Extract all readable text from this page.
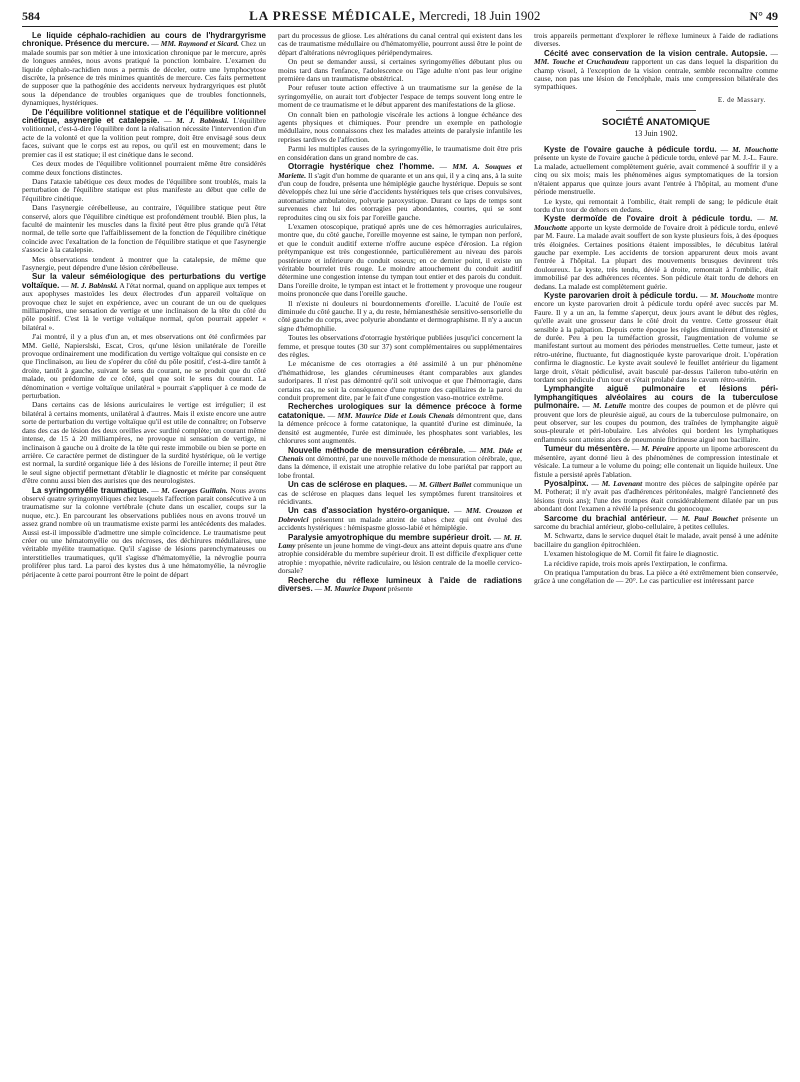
584	LA PRESSE MÉDICALE, Mercredi, 18 Juin 1902	N° 49

Le liquide céphalo-rachidien au cours de l'hydrargyrisme chronique. Présence du mercure. — MM. Raymond et Sicard. Chez un malade soumis par son métier à une intoxication chronique par le mercure, après de longues années, nous avons pratiqué la ponction lombaire. L'examen du liquide céphalo-rachidien nous a permis de déceler, outre une lymphocytose discrète, la présence de très minimes quantités de mercure. Ces faits permettent de supposer que la pathogénie des accidents nerveux hydrargyriques est plutôt sous la dépendance de troubles organiques que de troubles fonctionnels, dynamiques, hystériques.

De l'équilibre volitionnel statique et de l'équilibre volitionnel cinétique, asynergie et catalepsie. — M. J. Babinski. L'équilibre volitionnel, c'est-à-dire l'équilibre dont la réalisation nécessite l'intervention d'un acte de la volonté et que la volition peut rompre, doit être envisagé sous deux faces, suivant que le corps est au repos, ou qu'il est en mouvement; dans le premier cas il est statique; il est cinétique dans le second.

Ces deux modes de l'équilibre volitionnel pourraient même être considérés comme deux fonctions distinctes.

Dans l'ataxie tabétique ces deux modes de l'équilibre sont troublés, mais la perturbation de l'équilibre statique est plus manifeste au début que celle de l'équilibre cinétique.

Dans l'asynergie cérébelleuse, au contraire, l'équilibre statique peut être conservé, alors que l'équilibre cinétique est profondément troublé. Bien plus, la faculté de maintenir les muscles dans la fixité peut être plus grande qu'à l'état normal, de telle sorte que l'affaiblissement de la fonction de l'équilibre cinétique coïncide avec l'exaltation de la fonction de l'équilibre statique et que l'asynergie s'associe à la catalepsie.

Mes observations tendent à montrer que la catalepsie, de même que l'asynergie, peut dépendre d'une lésion cérébelleuse.

Sur la valeur séméiologique des perturbations du vertige voltaïque. — M. J. Babinski. A l'état normal, quand on applique aux tempes et aux apophyses mastoïdes les deux électrodes d'un appareil voltaïque on provoque chez le sujet en expérience, avec un courant de un ou de quelques milliampères, une sensation de vertige et une inclinaison de la tête du côté du pôle positif. C'est là le vertige voltaïque normal, qu'on pourrait appeler « bilatéral ».

J'ai montré, il y a plus d'un an, et mes observations ont été confirmées par MM. Gellé, Napierslski, Escat, Cros, qu'une lésion unilatérale de l'oreille provoque ordinairement une modification du vertige voltaïque qui consiste en ce que l'inclinaison, au lieu de s'opérer du côté du pôle positif, c'est-à-dire tantôt à droite, tantôt à gauche, suivant le sens du courant, ne se produit que du côté malade, ou prédomine de ce côté, quel que soit le sens du courant. La dénomination « vertige voltaïque unilatéral » pourrait s'appliquer à ce mode de perturbation.

Dans certains cas de lésions auriculaires le vertige est irrégulier; il est bilatéral à certains moments, unilatéral à d'autres. Mais il existe encore une autre sorte de perturbation du vertige voltaïque qu'il est utile de connaître; on l'observe dans des cas de lésion des deux oreilles avec surdité complète; un courant même intense, de 15 à 20 milliampères, ne provoque ni sensation de vertige, ni inclinaison à gauche ou à droite de la tête qui reste immobile ou bien se porte en arrière. Ce caractère permet de distinguer de la surdité hystérique, où le vertige est normal, la surdité organique liée à des lésions de l'oreille interne; il peut être le seul signe objectif permettant d'établir le diagnostic et mérite par conséquent d'être connu aussi bien des auristes que des neurologistes.

La syringomyélie traumatique. — M. Georges Guillain. Nous avons observé quatre syringomyéliques chez lesquels l'affection parait consécutive à un traumatisme sur la colonne vertébrale (chute dans un escalier, coups sur la nuque, etc.). En parcourant les observations publiées nous en avons trouvé un assez grand nombre où un traumatisme existe parmi les antécédents des malades. Aussi est-il impossible d'admettre une simple coïncidence. Le traumatisme peut créer ou une hématomyélie ou des nécroses, des déchirures médullaires, une véritable myélite traumatique. Qu'il s'agisse de lésions parenchymateuses ou interstitielles traumatiques, qu'il s'agisse d'hématomyélie, la névroglie pourra proliférer plus tard. La paroi des kystes dus à une hématomyélie, la névroglie périjacente à cette paroi pourront être le point de départ

part du processus de gliose. Les altérations du canal central qui existent dans les cas de traumatisme médullaire ou d'hématomyélie, pourront aussi être le point de départ d'altérations névrogliques périépendymaires.

On peut se demander aussi, si certaines syringomyélies débutant plus ou moins tard dans l'enfance, l'adolescence ou l'âge adulte n'ont pas leur origine première dans un traumatisme obstétrical.

Pour refuser toute action effective à un traumatisme sur la genèse de la syringomyélie, on aurait tort d'objecter l'espace de temps souvent long entre le moment de ce traumatisme et le début apparent des manifestations de la gliose.

On connaît bien en pathologie viscérale les actions à longue échéance des agents physiques et chimiques. Pour prendre un exemple en pathologie médullaire, nous connaissons chez les malades atteints de paralysie infantile les reprises tardives de l'affection.

Parmi les multiples causes de la syringomyélie, le traumatisme doit être pris en considération dans un grand nombre de cas.

Otorragie hystérique chez l'homme. — MM. A. Souques et Mariette. Il s'agit d'un homme de quarante et un ans qui, il y a cinq ans, à la suite d'un coup de foudre, présenta une hémiplégie gauche hystérique. Depuis se sont développés chez lui une série d'accidents hystériques tels que crises convulsives, automatisme ambulatoire, polyurie paroxystique. Durant ce laps de temps sont survenues chez lui des otorragies peu abondantes, courtes, qui se sont reproduites cinq ou six fois par l'oreille gauche.

L'examen otoscopique, pratiqué après une de ces hémorragies auriculaires, montre que, du côté gauche, l'oreille moyenne est saine, le tympan non perforé, et que le conduit auditif externe n'offre aucune espèce d'érosion. La région prétympanique est très congestionnée, particulièrement au niveau des parois postérieure et inférieure du conduit osseux; en ce dernier point, il existe un véritable bourrelet très rouge. Le moindre attouchement du conduit auditif détermine une congestion intense du tympan tout entier et des parois du conduit. Dans l'oreille droite, le tympan est intact et le frottement y provoque une rougeur moins prononcée que dans l'oreille gauche.

Il n'existe ni douleurs ni bourdonnements d'oreille. L'acuité de l'ouïe est diminuée du côté gauche. Il y a, du reste, hémianesthésie sensitivo-sensorielle du côté gauche du corps, avec polyurie abondante et dermographisme. Il n'y a aucun signe d'hémophilie.

Toutes les observations d'otorragie hystérique publiées jusqu'ici concernent la femme, et presque toutes (30 sur 37) sont complémentaires ou supplémentaires des règles.

Le mécanisme de ces otorragies a été assimilé à un pur phénomène d'hémathidrose, les glandes cérumineuses étant comparables aux glandes sudoripares. Il n'est pas démontré qu'il soit univoque et que l'hémorragie, dans certains cas, ne soit la conséquence d'une rupture des capillaires de la paroi du conduit proprement dite, par le fait d'une congestion vaso-motrice extrême.

Recherches urologiques sur la démence précoce à forme catatonique. — MM. Maurice Dide et Louis Chenais démontrent que, dans la démence précoce à forme catatonique, la quantité d'urine est diminuée, la densité est augmentée, l'urée est diminuée, les phosphates sont variables, les chlorures sont augmentés.

Nouvelle méthode de mensuration cérébrale. — MM. Dide et Chenais ont démontré, par une nouvelle méthode de mensuration cérébrale, que, dans la démence, il existait une atrophie relative du lobe pariétal par rapport au lobe frontal.

Un cas de sclérose en plaques. — M. Gilbert Ballet communique un cas de sclérose en plaques dans lequel les symptômes furent transitoires et récidivants.

Un cas d'association hystéro-organique. — MM. Crouzon et Dobrovici présentent un malade atteint de tabes chez qui ont évolué des accidents hystériques : hémispasme glosso-labié et hémiplégie.

Paralysie amyotrophique du membre supérieur droit. — M. H. Lamy présente un jeune homme de vingt-deux ans atteint depuis quatre ans d'une atrophie considérable du membre supérieur droit. Il est difficile d'expliquer cette atrophie : myopathie, névrite radiculaire, ou lésion centrale de la moelle cervico-dorsale?

Recherche du réflexe lumineux à l'aide de radiations diverses. — M. Maurice Dupont présente

trois appareils permettant d'explorer le réflexe lumineux à l'aide de radiations diverses.

Cécité avec conservation de la vision centrale. Autopsie. — MM. Touche et Cruchaudeau rapportent un cas dans lequel la disparition du champ visuel, à l'exception de la vision centrale, semble reconnaître comme cause, non pas une lésion de l'encéphale, mais une compression bilatérale des sympathiques.

E. de Massary.
SOCIÉTÉ ANATOMIQUE
13 Juin 1902.

Kyste de l'ovaire gauche à pédicule tordu. — M. Mouchotte présente un kyste de l'ovaire gauche à pédicule tordu, enlevé par M. J.-L. Faure. La malade, actuellement complètement guérie, avait commencé à souffrir il y a cinq ou six mois; mais les phénomènes aigus symptomatiques de la torsion n'étaient apparus que quinze jours avant l'entrée à l'hôpital, au moment d'une période menstruelle.

Le kyste, qui remontait à l'ombilic, était rempli de sang; le pédicule était tordu d'un tour de dehors en dedans.

Kyste dermoïde de l'ovaire droit à pédicule tordu. — M. Mouchotte apporte un kyste dermoïde de l'ovaire droit à pédicule tordu, enlevé par M. Faure. La malade avait souffert de son kyste plusieurs fois, à des époques très éloignées. Certaines positions étaient impossibles, le décubitus latéral gauche par exemple. Les accidents de torsion apparurent deux mois avant l'entrée à l'hôpital. La plupart des mouvements brusques devinrent très douloureux. Le kyste, très tendu, dévié à droite, remontait à l'ombilic, était immobilisé par des adhérences récentes. Son pédicule était tordu de dehors en dedans. La malade est complètement guérie.

Kyste parovarien droit à pédicule tordu. — M. Mouchotte montre encore un kyste parovarien droit à pédicule tordu opéré avec succès par M. Faure. Il y a un an, la femme s'aperçut, deux jours avant le début des règles, qu'elle avait une grosseur dans le côté droit du ventre. Cette grosseur était sensible à la palpation. Depuis cette époque les règles diminuèrent d'intensité et de durée. Peu à peu la tuméfaction grossit, l'augmentation de volume se manifestant surtout au moment des périodes menstruelles. Cette tumeur, jaste et rétro-utérine, fluctuante, fut diagnostiquée kyste parovarique droit. L'opération confirma le diagnostic. Le kyste avait soulevé le feuillet antérieur du ligament large droit, s'était pédiculisé, avait basculé par-dessus l'aileron tubo-utérin en tordant son pédicule d'un tour et s'était prolabé dans le cavum rétro-utérin.

Lymphangite aiguë pulmonaire et lésions péri-lymphangitiques alvéolaires au cours de la tuberculose pulmonaire. — M. Letulle montre des coupes de poumon et de plèvre qui prouvent que lors de pleurésie aiguë, au cours de la tuberculose pulmonaire, on peut observer, sur les coupes du poumon, des traînées de lymphangite aiguë sous-pleurale et péri-lobulaire. Les alvéoles qui bordent les lymphatiques enflammés sont atteints alors de pneumonie fibrineuse aiguë non bacillaire.

Tumeur du mésentère. — M. Péraire apporte un lipome arborescent du mésentère, ayant donné lieu à des phénomènes de compression intestinale et vésicale. La tumeur a le volume du poing; elle contenait un liquide huileux. Une fistule a persisté après l'ablation.

Pyosalpinx. — M. Lavenant montre des pièces de salpingite opérée par M. Potherat; il n'y avait pas d'adhérences péritonéales, malgré l'ancienneté des lésions (trois ans); l'une des trompes était considérablement dilatée par un pus abondant dont l'examen a révélé la présence du gonocoque.

Sarcome du brachial antérieur. — M. Paul Bouchet présente un sarcome du brachial antérieur, globo-cellulaire, à petites cellules.

M. Schwartz, dans le service duquel était le malade, avait pensé à une adénite bacillaire du ganglion épitrochléen.

L'examen histologique de M. Cornil fit faire le diagnostic.

La récidive rapide, trois mois après l'extirpation, le confirma.

On pratiqua l'amputation du bras. La pièce a été extrêmement bien conservée, grâce à une congélation de — 20°. Le cas particulier est intéressant parce
